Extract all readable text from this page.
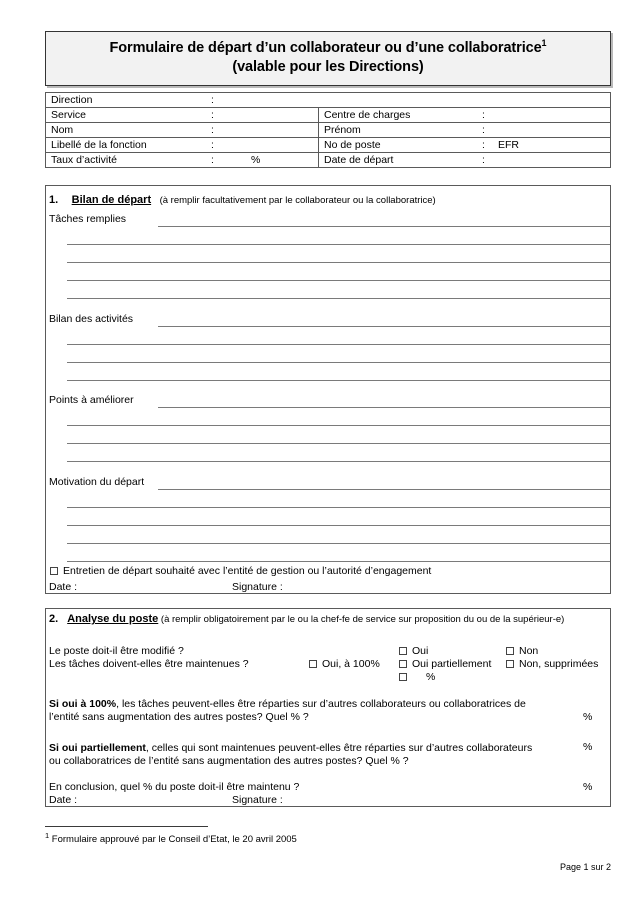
Formulaire de départ d’un collaborateur ou d’une collaboratrice$^1$
(valable pour les Directions)
Direction	:
Service	:	Centre de charges	:
Nom	:	Prénom	:
Libellé de la fonction	:	No de poste	: EFR
Taux d’activité	:	%	Date de départ	:
1. Bilan de départ (à remplir facultativement par le collaborateur ou la collaboratrice)
Tâches remplies
Bilan des activités
Points à améliorer
Motivation du départ
Entretien de départ souhaité avec l’entité de gestion ou l’autorité d’engagement
Date :	Signature :
2. Analyse du poste (à remplir obligatoirement par le ou la chef-fe de service sur proposition du ou de la supérieur-e)
Le poste doit-il être modifié ?
Les tâches doivent-elles être maintenues ?	Oui, à 100%
Oui
Oui partiellement
%
Non
Non, supprimées
Si oui à 100%, les tâches peuvent-elles être réparties sur d’autres collaborateurs ou collaboratrices de
l’entité sans augmentation des autres postes? Quel % ?	%
Si oui partiellement, celles qui sont maintenues peuvent-elles être réparties sur d’autres collaborateurs	%
ou collaboratrices de l’entité sans augmentation des autres postes? Quel % ?
En conclusion, quel % du poste doit-il être maintenu ?	%
Date :	Signature :
$^1$ Formulaire approuvé par le Conseil d’Etat, le 20 avril 2005
Page 1 sur 2
